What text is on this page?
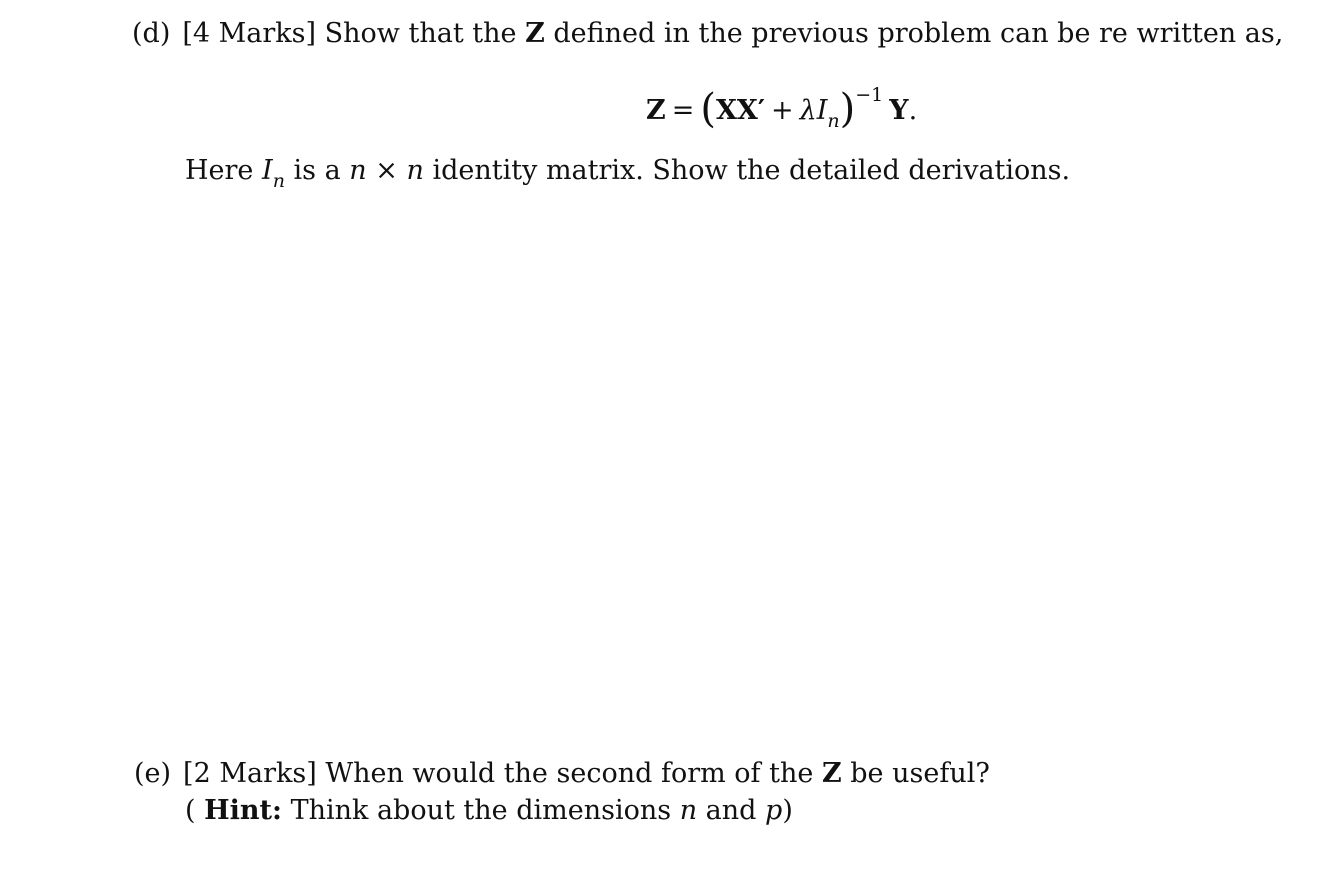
(d) [4 Marks] Show that the Z defined in the previous problem can be re written as,
$Z = (XX' + \lambda I_n)^{-1}$ Y.
Here $I_n$ is a n × n identity matrix. Show the detailed derivations.
(e) [2 Marks] When would the second form of the Z be useful?
( Hint: Think about the dimensions n and p)
